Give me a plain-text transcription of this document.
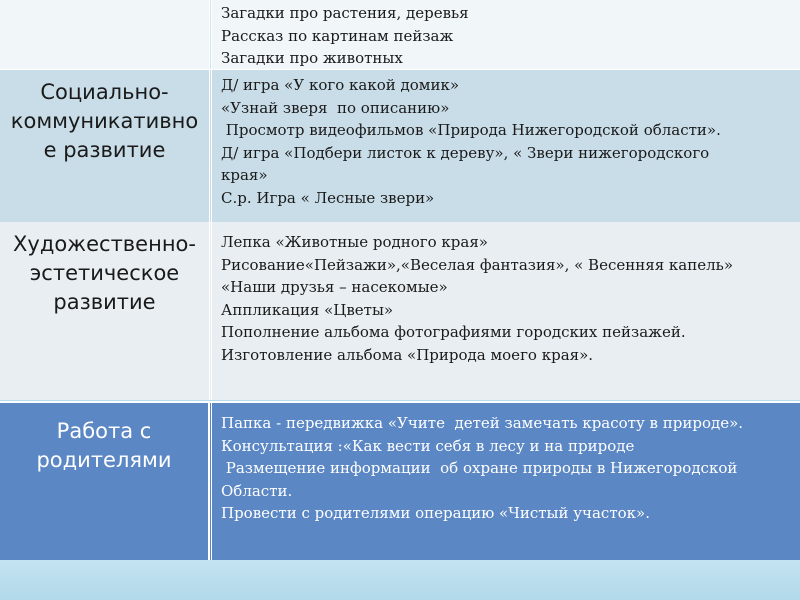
Загадки про растения, деревья
Рассказ по картинам пейзаж
Загадки про животных
Социально-
коммуникативно
е развитие
Д/ игра «У кого какой домик»
«Узнай зверя  по описанию»
Просмотр видеофильмов «Природа Нижегородской области».
Д/ игра «Подбери листок к дереву», « Звери нижегородского
края»
С.р. Игра « Лесные звери»
Художественно-
эстетическое
развитие
Лепка «Животные родного края»
Рисование«Пейзажи»,«Веселая фантазия», « Весенняя капель»
«Наши друзья – насекомые»
Аппликация «Цветы»
Пополнение альбома фотографиями городских пейзажей.
Изготовление альбома «Природа моего края».
Работа с
родителями
Папка - передвижка «Учите  детей замечать красоту в природе».
Консультация :«Как вести себя в лесу и на природе
Размещение информации  об охране природы в Нижегородской
Области.
Провести с родителями операцию «Чистый участок».
